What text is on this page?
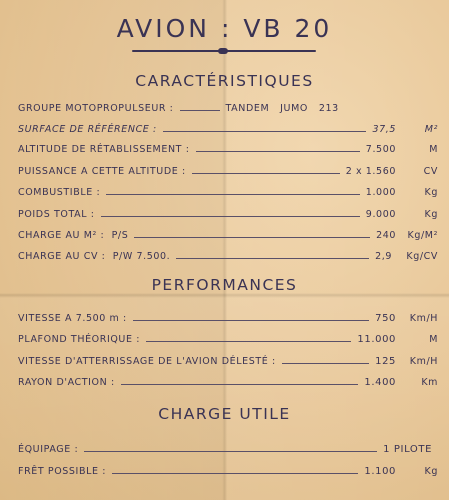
AVION : VB 20
CARACTÉRISTIQUES
GROUPE MOTOPROPULSEUR :	TANDEM   JUMO   213
SURFACE DE RÉFÉRENCE :	37,5	M²
ALTITUDE DE RÉTABLISSEMENT :	7.500	M
PUISSANCE A CETTE ALTITUDE :	2 x 1.560	CV
COMBUSTIBLE :	1.000	Kg
POIDS TOTAL :	9.000	Kg
CHARGE AU M² :  P/S	240	Kg/M²
CHARGE AU CV :  P/W 7.500.	2,9	Kg/CV
PERFORMANCES
VITESSE A 7.500 m :	750	Km/H
PLAFOND THÉORIQUE :	11.000	M
VITESSE D'ATTERRISSAGE DE L'AVION DÉLESTÉ :	125	Km/H
RAYON D'ACTION :	1.400	Km
CHARGE UTILE
ÉQUIPAGE :	1 PILOTE
FRÊT POSSIBLE :	1.100	Kg
